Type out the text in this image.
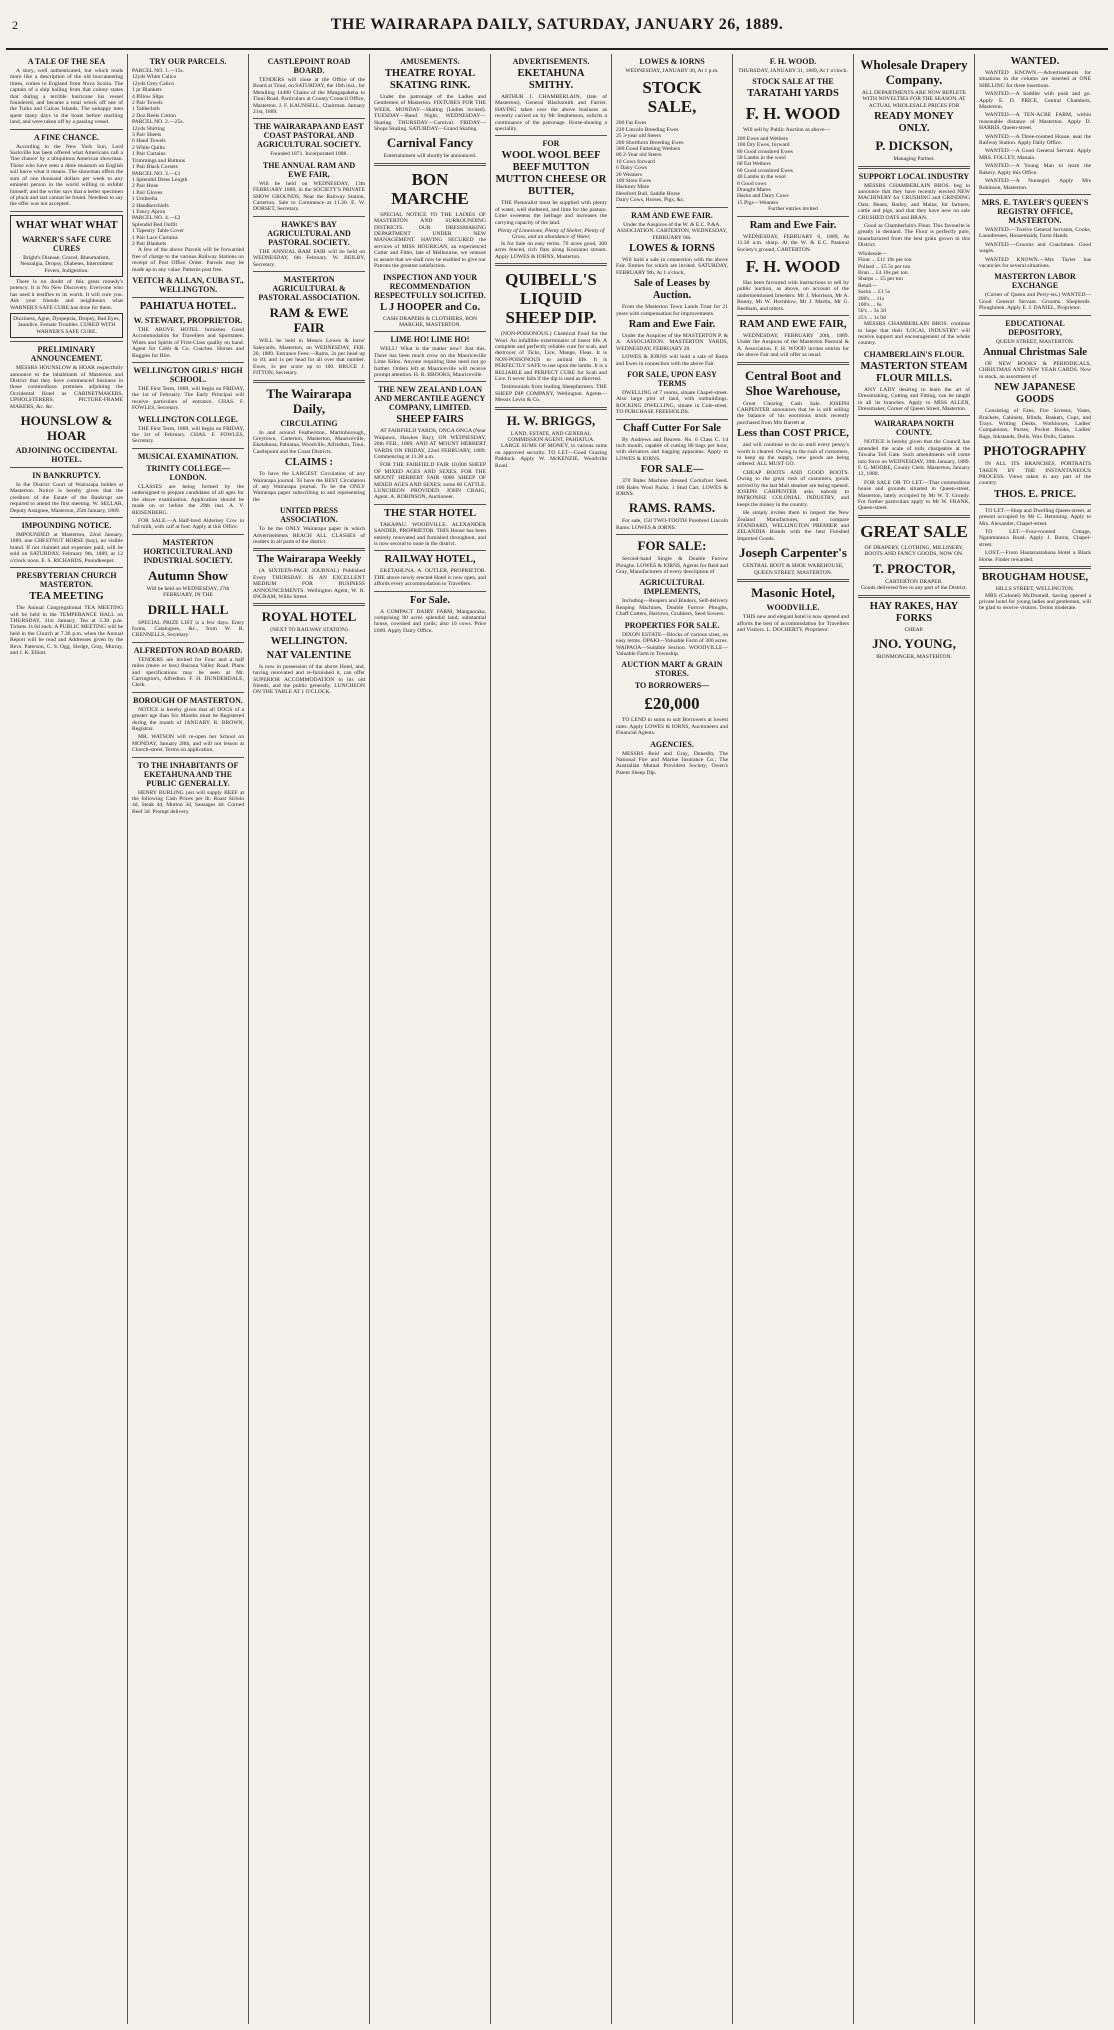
2	THE WAIRARAPA DAILY, SATURDAY, JANUARY 26, 1889.
A TALE OF THE SEA

A story, well authenticated, but which reads more like a description of the old buccaneering times, comes to England from Nova Scotia. The captain of a ship hailing from that colony states that during a terrible hurricane his vessel foundered, and became a total wreck off one of the Turks and Caicos Islands. The unhappy men spent many days in the boats before reaching land, and were taken off by a passing vessel.

A FINE CHANCE.

According to the New York Sun, Lord Sackville has been offered what Americans call a 'fine chance' by a ubiquitous American showman. Those who have seen a dime museum on English soil know what it means. The showman offers the sum of one thousand dollars per week to any eminent person in the world willing to exhibit himself; and the writer says that a better specimen of pluck and tact cannot be found. Needless to say the offer was not accepted.

WHAT WHAT WHAT
WARNER'S SAFE CURE CURES

Bright's Disease, Gravel, Rheumatism, Neuralgia, Dropsy, Diabetes, Intermittent Fevers, Indigestion.

There is no doubt of this great remedy's potency. It is No New Discovery. Everyone who has used it testifies to its worth. It will cure you. Ask your friends and neighbours what WARNER'S SAFE CURE has done for them.

Dizziness, Ague, Dyspepsia, Dropsy, Bad Eyes, Jaundice, Female Troubles. CURED WITH WARNER'S SAFE CURE.

PRELIMINARY ANNOUNCEMENT.

MESSRS HOUNSLOW & HOAR respectfully announce to the inhabitants of Masterton and District that they have commenced business in those commodious premises adjoining the Occidental Hotel as CABINETMAKERS, UPHOLSTERERS, PICTURE-FRAME MAKERS, &c. &c.

HOUNSLOW & HOAR
ADJOINING OCCIDENTAL HOTEL.
IN BANKRUPTCY.

In the District Court of Wairarapa holden at Masterton. Notice is hereby given that the creditors of the Estate of the Bankrupt are required to attend the first meeting. W. SELLAR, Deputy Assignee, Masterton, 25th January, 1889.

IMPOUNDING NOTICE.

IMPOUNDED at Masterton, 22nd January, 1889, one CHESTNUT HORSE (bay), no visible brand. If not claimed and expenses paid, will be sold on SATURDAY, February 9th, 1889, at 12 o'clock noon. E. S. RICHARDS, Poundkeeper.

PRESBYTERIAN CHURCH MASTERTON.
TEA MEETING

The Annual Congregational TEA MEETING will be held in the TEMPERANCE HALL on THURSDAY, 31st January. Tea at 5.30 p.m. Tickets 1s 6d each. A PUBLIC MEETING will be held in the Church at 7.30 p.m. when the Annual Report will be read and Addresses given by the Revs. Paterson, C. S. Ogg, Sledge, Gray, Murray, and J. K. Elliott.

TRY OUR PARCELS.
PARCEL NO. 1.—15s.
12yds White Calico
12yds Grey Calico
1 pr Blankets
4 Pillow Slips
2 Pair Towels
1 Tablecloth
2 Doz Reels Cotton
PARCEL NO. 2.—25s.
12yds Shirting
3 Pair Sheets
6 Hand Towels
2 White Quilts
1 Pair Curtains
Trimmings and Buttons
1 Pair Black Corsets
PARCEL NO. 3.—£1
1 Splendid Dress Length
2 Pair Hose
1 Pair Gloves
1 Umbrella
2 Handkerchiefs
1 Fancy Apron
PARCEL NO. 4.—£2
Splendid Bed Outfit
1 Tapestry Table Cover
1 Pair Lace Curtains
2 Pair Blankets

A few of the above Parcels will be forwarded free of charge to the various Railway Stations on receipt of Post Office Order. Parcels may be made up to any value. Patterns post free.

VEITCH & ALLAN, CUBA ST., WELLINGTON.
PAHIATUA HOTEL.
W. STEWART, PROPRIETOR.

THE ABOVE HOTEL furnishes Good Accommodation for Travellers and Sportsmen. Wines and Spirits of First-Class quality on hand. Agent for Cobb & Co. Coaches. Horses and Buggies for Hire.

WELLINGTON GIRLS' HIGH SCHOOL.

THE First Term, 1889, will begin on FRIDAY, the 1st of February. The Early Principal will receive particulars of entrance. CHAS. F. FOWLES, Secretary.

WELLINGTON COLLEGE.

THE First Term, 1889, will begin on FRIDAY, the 1st of February. CHAS. F. FOWLES, Secretary.

MUSICAL EXAMINATION.
TRINITY COLLEGE—LONDON.

CLASSES are being formed by the undersigned to prepare candidates of all ages for the above examination. Application should be made on or before the 29th inst. A. V. REISENBERG.

FOR SALE.—A Half-bred Alderney Cow in full milk, with calf at foot. Apply at this Office.

MASTERTON HORTICULTURAL AND INDUSTRIAL SOCIETY.
Autumn Show

Will be held on WEDNESDAY, 27th FEBRUARY, IN THE

DRILL HALL

SPECIAL PRIZE LIST is a few days. Entry forms, Catalogues, &c., from W. R. CRENNELLS, Secretary.

ALFREDTON ROAD BOARD.

TENDERS are invited for Four and a half miles (more or less) Ihuraua Valley Road. Plans and specifications may be seen at Mr. Carrington's, Alfredton. F. H. DUNDERDALE, Clerk.

BOROUGH OF MASTERTON.

NOTICE is hereby given that all DOGS of a greater age than Six Months must be Registered during the month of JANUARY. R. BROWN, Registrar.

MR. WATSON will re-open her School on MONDAY, January 28th, and will not lesson at Church-street. Terms on application.

TO THE INHABITANTS OF EKETAHUNA AND THE PUBLIC GENERALLY.

HENRY BURLING just will supply BEEF at the following Cash Prices per lb: Roast Sirloin 4d, Steak 4d, Mutton 3d, Sausages 4d. Corned Beef 3d. Prompt delivery.

CASTLEPOINT ROAD BOARD.

TENDERS will close at the Office of the Board at Tinui, on SATURDAY, the 16th inst., for Metalling 14400 Chains of the Mangapakeha to Tinui Road. Particulars at County Council Office, Masterton. J. F. KAUNSELL, Chairman. January 21st, 1889.

THE WAIRARAPA AND EAST COAST PASTORAL AND AGRICULTURAL SOCIETY.

Founded 1871. Incorporated 1888.

THE ANNUAL RAM AND EWE FAIR,

Will be held on WEDNESDAY, 13th FEBRUARY 1889, in the SOCIETY'S PRIVATE SHOW GROUNDS, Near the Railway Station, Carterton. Sale to Commence at 11.30. E. W. DORSET, Secretary.

HAWKE'S BAY AGRICULTURAL AND PASTORAL SOCIETY.

THE ANNUAL RAM FAIR will be held on WEDNESDAY, 6th February. W. BEILBY, Secretary.

MASTERTON AGRICULTURAL & PASTORAL ASSOCIATION.
RAM & EWE FAIR

WILL be held in Messrs Lowes & Iorns' Saleyards, Masterton, on WEDNESDAY, FEB. 20, 1889. Entrance Fees:—Rams, 2s per head up to 10; and 1s per head for all over that number. Ewes, 1s per score up to 100. BRUCE J. FITTON, Secretary.

The Wairarapa Daily,
CIRCULATING

In and around Featherston, Martinborough, Greytown, Carterton, Masterton, Mauriceville, Eketahuna, Pahiatua, Woodville, Alfredton, Tinui, Castlepoint and the Coast Districts.

CLAIMS :

To have the LARGEST Circulation of any Wairarapa journal. To have the BEST Circulation of any Wairarapa journal. To be the ONLY Wairarapa paper subscribing to and representing the

UNITED PRESS ASSOCIATION.

To be the ONLY Wairarapa paper in which Advertisements REACH ALL CLASSES of readers in all parts of the district.

The Wairarapa Weekly

(A SIXTEEN-PAGE JOURNAL) Published Every THURSDAY. IS AN EXCELLENT MEDIUM FOR BUSINESS ANNOUNCEMENTS. Wellington Agent, W. R. INGRAM, Willis Street.

ROYAL HOTEL

(NEXT TO RAILWAY STATION)

WELLINGTON.
NAT VALENTINE

Is now in possession of the above Hotel, and, having renovated and re-furnished it, can offer SUPERIOR ACCOMMODATION to his old friends, and the public generally. LUNCHEON ON THE TABLE AT 1 O'CLOCK.

AMUSEMENTS.
THEATRE ROYAL SKATING RINK.

Under the patronage of the Ladies and Gentlemen of Masterton. FIXTURES FOR THE WEEK. MONDAY—Skating (Ladies invited). TUESDAY—Band Night. WEDNESDAY—Skating. THURSDAY—Carnival. FRIDAY—Shops Skating. SATURDAY—Grand Skating.

Carnival Fancy

Entertainment will shortly be announced.

BON MARCHE

SPECIAL NOTICE TO THE LADIES OF MASTERTON AND SURROUNDING DISTRICTS. OUR DRESSMAKING DEPARTMENT UNDER NEW MANAGEMENT. HAVING SECURED the services of MISS HOURIGAN, an experienced Cutter and Fitter, late of Melbourne, we venture to assure that we shall now be enabled to give our Patrons the greatest satisfaction.

INSPECTION AND YOUR RECOMMENDATION RESPECTFULLY SOLICITED.
L J HOOPER and Co.

CASH DRAPERS & CLOTHIERS, BON MARCHE, MASTERTON.

LIME HO! LIME HO!

WELL! What is the matter now? Just this. There has been much crow on the Mauriceville Lime Kilns. Anyone requiring lime need not go further. Orders left at Mauriceville will receive prompt attention. H. R. BROOKS, Mauriceville.

THE NEW ZEALAND LOAN AND MERCANTILE AGENCY COMPANY, LIMITED.
SHEEP FAIRS

AT FAIRFIELD YARDS, ONGA ONGA (Near Waipawa, Hawkes Bay), ON WEDNESDAY, 20th FEB., 1889, AND AT MOUNT HERBERT YARDS ON FRIDAY, 22nd FEBRUARY, 1889. Commencing at 11.30 a.m.

FOR THE FAIRFIELD FAIR 10,000 SHEEP OF MIXED AGES AND SEXES. FOR THE MOUNT HERBERT FAIR 8000 SHEEP OF MIXED AGES AND SEXES; some 60 CATTLE. LUNCHEON PROVIDED. JOHN CRAIG, Agent. A. ROBINSON, Auctioneer.

THE STAR HOTEL

TAKAPAU. WOODVILLE. ALEXANDER SANDER, PROPRIETOR. THIS House has been entirely renovated and furnished throughout, and is now second to none in the district.

RAILWAY HOTEL,

EKETAHUNA. A. OUTLER, PROPRIETOR. THE above newly erected Hotel is now open, and affords every accommodation to Travellers.

For Sale.

A COMPACT DAIRY FARM, Mangaoraka, comprising 80 acres splendid land; substantial house, cowshed and yards; also 10 cows. Price £600. Apply Dairy Office.

ADVERTISEMENTS.
EKETAHUNA SMITHY.

ARTHUR J. CHAMBERLAIN, (late of Masterton), General Blacksmith and Farrier. HAVING taken over the above business as recently carried on by Mr Stephenson, solicits a continuance of the patronage. Horse-shoeing a speciality.

FOR
WOOL WOOL BEEF BEEF MUTTON MUTTON CHEESE OR BUTTER,

THE Pastoralist must be supplied with plenty of water, well sheltered, and lime for the pasture. Lime sweetens the herbage and increases the carrying capacity of the land.

Plenty of Limestone, Plenty of Shelter, Plenty of Grass, and an abundance of Water,

Is for Sale on easy terms. 70 acres good, 300 acres fenced, rich flats along Kourarau stream. Apply LOWES & IORNS, Masterton.

QUIBELL'S LIQUID SHEEP DIP.

(NON-POISONOUS.) Chemical Food for the Wool. An infallible exterminator of insect life. A complete and perfectly reliable cure for scab, and destroyer of Ticks, Lice, Mange, Fleas. It is NON-POISONOUS to animal life. It is PERFECTLY SAFE to use upon the lambs. It is a RELIABLE and PERFECT CURE for Scab and Lice. It never fails if the dip is used as directed.

Testimonials from leading Sheepfarmers. THE SHEEP DIP COMPANY, Wellington. Agents—Messrs Levin & Co.

H. W. BRIGGS,

LAND, ESTATE, AND GENERAL COMMISSION AGENT, PAHIATUA.

LARGE SUMS OF MONEY, in various sums on approved security. TO LET—Good Grazing Paddock. Apply W. McKENZIE, Woodville Road.

LOWES & IORNS

WEDNESDAY, JANUARY 30, At 1 p.m.

STOCK SALE,
200 Fat Ewes
220 Lincoln Breeding Ewes
25 3-year old Steers
200 Shorthorn Breeding Ewes
300 Good Fattening Wethers
80 2-Year old Steers
10 Cows forward
6 Dairy Cows
20 Weaners
100 Store Ewes
Hackney Mare
Hereford Bull, Saddle Horse
Dairy Cows, Horses, Pigs, &c.
RAM AND EWE FAIR.

Under the Auspices of the W. & E.C. P.&A. ASSOCIATION. CARTERTON, WEDNESDAY, FEBRUARY 6th.

LOWES & IORNS

Will hold a sale in connection with the above Fair. Entries for which are invited. SATURDAY, FEBRUARY 9th, At 1 o'clock,

Sale of Leases by Auction.

From the Masterton Town Lands Trust for 21 years with compensation for improvements.

Ram and Ewe Fair.

Under the Auspices of the MASTERTON P. & A. ASSOCIATION. MASTERTON YARDS, WEDNESDAY, FEBRUARY 20.

LOWES & IORNS will hold a sale of Rams and Ewes in connection with the above Fair.

FOR SALE, UPON EASY TERMS

DWELLING of 7 rooms, situate Chapel-street. Also large plot of land, with outbuildings. ROCKING DWELLING, situate in Cole-street. TO PURCHASE FREEHOLDS.

Chaff Cutter For Sale

By Andrews and Beaven. No. 6 Class C. 14 inch mouth, capable of cutting 80 bags per hour, with elevators and bagging apparatus. Apply to LOWES & IORNS.

FOR SALE—

370 Bales Machine dressed Cocksfoot Seed. 100 Bales Wool Packs. 1 Stud Cart. LOWES & IORNS.

RAMS. RAMS.

For sale, 150 TWO-TOOTH Purebred Lincoln Rams. LOWES & IORNS.

FOR SALE:

Second-hand Single & Double Furrow Ploughs. LOWES & IORNS, Agents for Reid and Gray, Manufacturers of every description of

AGRICULTURAL IMPLEMENTS,

Including—Reapers and Binders, Self-delivery Reaping Machines, Double Furrow Ploughs, Chaff Cutters, Harrows, Grubbers, Seed Sowers.

PROPERTIES FOR SALE.

DIXON ESTATE—Blocks of various sizes, on easy terms. OPAKI—Valuable Farm of 300 acres. WAIPAOA—Suitable Section. WOODVILLE—Valuable Farm in Township.

AUCTION MART & GRAIN STORES.
TO BORROWERS—
£20,000

TO LEND in sums to suit Borrowers at lowest rates. Apply LOWES & IORNS, Auctioneers and Financial Agents.

AGENCIES.

MESSRS Reid and Gray, Dunedin; The National Fire and Marine Insurance Co.; The Australian Mutual Provident Society; Owen's Patent Sheep Dip.

F. H. WOOD.

THURSDAY, JANUARY 31, 1889, At 1 o'clock.

STOCK SALE AT THE
TARATAHI YARDS
F. H. WOOD

Will sell by Public Auction as above—

200 Ewes and Wethers
100 Dry Ewes, forward
80 Good crossbred Ewes
50 Lambs in the wool
60 Fat Wethers
60 Good crossbred Ewes
40 Lambs in the wool
8 Good cows
Draught Mares
Hacks and Dairy Cows
15 Pigs—Weaners

Further entries invited

Ram and Ewe Fair.

WEDNESDAY, FEBRUARY 6, 1889, At 11.30 a.m. sharp. At the W. & E.C. Pastoral Society's ground, CARTERTON.

F. H. WOOD

Has been favoured with instructions to sell by public auction, as above, on account of the undermentioned breeders: Mr J. Morrison, Mr A. Bunny, Mr W. Hornblow, Mr J. Martin, Mr G. Beetham, and others.

RAM AND EWE FAIR,

WEDNESDAY, FEBRUARY 20th, 1889. Under the Auspices of the Masterton Pastoral & A. Association. F. H. WOOD invites entries for the above Fair and will offer as usual.

Central Boot and Shoe Warehouse,

Great Clearing Cash Sale. JOSEPH CARPENTER announces that he is still selling the balance of his enormous stock recently purchased from Mrs Barrett at

Less than COST PRICE,

and will continue to do so until every penny's worth is cleared. Owing to the rush of customers, to keep up the supply, new goods are being ordered. ALL MUST GO.

CHEAP BOOTS AND GOOD BOOTS. Owing to the great rush of customers, goods arrived by the last Mail steamer are being opened. JOSEPH CARPENTER asks nobody to PATRONISE COLONIAL INDUSTRY, and keeps the money in the country.

He simply invites them to inspect the New Zealand Manufactures, and compare STANDARD, WELLINGTON PREMIER and ZELANDIA Brands with the best Finished Imported Goods.

Joseph Carpenter's

CENTRAL BOOT & SHOE WAREHOUSE, QUEEN STREET, MASTERTON.

Masonic Hotel,
WOODVILLE.

THIS new and elegant hotel is now opened and affords the best of accommodation for Travellers and Visitors. L. DOCHERTY, Proprietor.

Wholesale Drapery Company.

ALL DEPARTMENTS ARE NOW REPLETE WITH NOVELTIES FOR THE SEASON, AT ACTUAL WHOLESALE PRICES FOR

READY MONEY ONLY.
P. DICKSON,

Managing Partner.

SUPPORT LOCAL INDUSTRY

MESSRS CHAMBERLAIN BROS. beg to announce that they have recently erected NEW MACHINERY for CRUSHING and GRINDING Oats, Beans, Barley, and Maize, for farmers, cattle and pigs, and that they have now on sale CRUSHED OATS and BRAN.

Good as Chamberlain's Flour. This favourite is greatly in demand. The Flour is perfectly pure, manufactured from the best grain grown in this District.

Wholesale—
Flour ... £11 10s per ton
Pollard ... £5 5s per ton
Bran ... £4 10s per ton
Sharps ... £5 per ton
Retail—
Sacks ... £1 5s
200's ... 11s
100's ... 6s
50's ... 3s 3d
25's ... 1s 9d

MESSRS CHAMBERLAIN BROS. continue to hope that their 'LOCAL INDUSTRY' will receive support and encouragement of the whole country.

CHAMBERLAIN'S FLOUR.
MASTERTON STEAM FLOUR MILLS.

ANY LADY desiring to learn the art of Dressmaking, Cutting and Fitting, can be taught in all its branches. Apply to MISS ALLEN, Dressmaker, Corner of Queen Street, Masterton.

WAIRARAPA NORTH COUNTY.

NOTICE is hereby given that the Council has amended the scale of tolls chargeable at the Tawaha Toll Gate. Such amendments will come into force on WEDNESDAY, 30th January, 1889. F. G. MOORE, County Clerk. Masterton, January 12, 1889.

FOR SALE OR TO LET.—That commodious house and grounds situated in Queen-street, Masterton, lately occupied by Mr W. T. Grundy. For further particulars apply to Mr W. FRANK, Queen-street.

GREAT SALE

OF DRAPERY, CLOTHING, MILLINERY, BOOTS AND FANCY GOODS, NOW ON.

T. PROCTOR,

CARTERTON DRAPER.

Goods delivered free to any part of the District.

HAY RAKES, HAY FORKS

CHEAP.

JNO. YOUNG,

IRONMONGER, MASTERTON.

WANTED.

WANTED KNOWN.—Advertisements for situations in the column are inserted at ONE SHILLING for three insertions.

WANTED.—A Saddler with push and go. Apply E. D. PRICE, Central Chambers, Masterton.

WANTED.—A TEN-ACRE FARM, within reasonable distance of Masterton. Apply D. HARRIS, Queen-street.

WANTED.—A Three-roomed House, near the Railway Station. Apply Daily Office.

WANTED.—A Good General Servant. Apply MRS. FOLLEY, Manaia.

WANTED.—A Young Man to learn the Bakery. Apply this Office.

WANTED.—A Nursegirl. Apply Mrs Robinson, Masterton.

MRS. E. TAYLER'S QUEEN'S REGISTRY OFFICE, MASTERTON.

WANTED.—Twelve General Servants, Cooks, Laundresses, Housemaids, Farm Hands.

WANTED.—Grooms and Coachmen. Good wages.

WANTED KNOWN.—Mrs Tayler has vacancies for several situations.

MASTERTON LABOR EXCHANGE

(Corner of Queen and Perry-sts.) WANTED—Good General Servant. Grooms. Shepherds. Ploughmen. Apply E. J. DANIEL, Proprietor.

EDUCATIONAL DEPOSITORY,

QUEEN STREET, MASTERTON.

Annual Christmas Sale

OF NEW BOOKS & PERIODICALS, CHRISTMAS AND NEW YEAR CARDS. Now in stock, an assortment of

NEW JAPANESE GOODS

Consisting of Fans, Fire Screens, Vases, Brackets, Cabinets, Blinds, Baskets, Cups, and Trays. Writing Desks, Workboxes, Ladies' Companions, Purses, Pocket Books, Ladies' Bags, Inkstands, Dolls, Wax Dolls, Games.

PHOTOGRAPHY

IN ALL ITS BRANCHES, PORTRAITS TAKEN BY THE INSTANTANEOUS PROCESS. Views taken in any part of the country.

THOS. E. PRICE.

TO LET.—Shop and Dwelling Queen-street, at present occupied by Mr C. Hemming. Apply to Mrs. Alexander, Chapel-street.

TO LET.—Four-roomed Cottage, Ngaumutawa Road. Apply J. Burns, Chapel-street.

LOST.—From Hautaruatahuna Hotel a Black Horse. Finder rewarded.

BROUGHAM HOUSE,

HILLS STREET, WELLINGTON.

MRS (Colonel) McDonnell, having opened a private hotel for young ladies and gentlemen, will be glad to receive visitors. Terms moderate.
